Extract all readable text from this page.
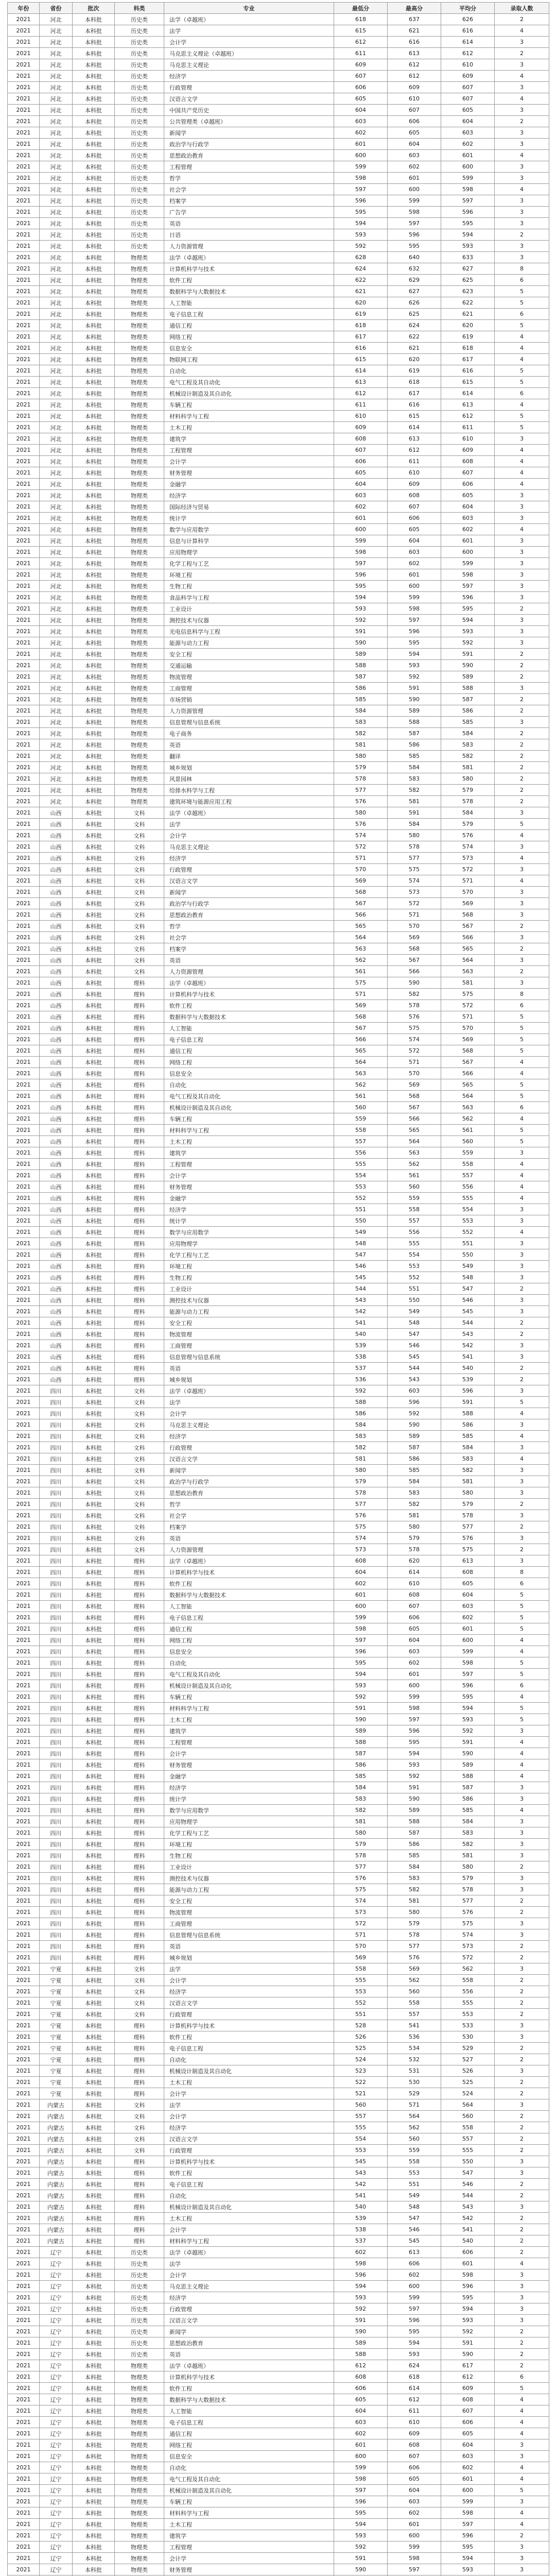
年份	省份	批次	科类	专业	最低分	最高分	平均分	录取人数
2021	河北	本科批	历史类	法学（卓越班）	618	637	626	2
2021	河北	本科批	历史类	法学	615	621	616	4
2021	河北	本科批	历史类	会计学	612	616	614	3
2021	河北	本科批	历史类	马克思主义理论（卓越班）	611	613	612	2
2021	河北	本科批	历史类	马克思主义理论	609	612	610	3
2021	河北	本科批	历史类	经济学	607	612	609	4
2021	河北	本科批	历史类	行政管理	606	609	607	3
2021	河北	本科批	历史类	汉语言文学	605	610	607	4
2021	河北	本科批	历史类	中国共产党历史	604	607	605	3
2021	河北	本科批	历史类	公共管理类（卓越班）	603	606	604	2
2021	河北	本科批	历史类	新闻学	602	605	603	3
2021	河北	本科批	历史类	政治学与行政学	601	604	602	3
2021	河北	本科批	历史类	思想政治教育	600	603	601	4
2021	河北	本科批	历史类	工程管理	599	602	600	3
2021	河北	本科批	历史类	哲学	598	601	599	3
2021	河北	本科批	历史类	社会学	597	600	598	4
2021	河北	本科批	历史类	档案学	596	599	597	3
2021	河北	本科批	历史类	广告学	595	598	596	3
2021	河北	本科批	历史类	英语	594	597	595	3
2021	河北	本科批	历史类	日语	593	596	594	2
2021	河北	本科批	历史类	人力资源管理	592	595	593	3
2021	河北	本科批	物理类	法学（卓越班）	628	640	633	3
2021	河北	本科批	物理类	计算机科学与技术	624	632	627	8
2021	河北	本科批	物理类	软件工程	622	629	625	6
2021	河北	本科批	物理类	数据科学与大数据技术	621	627	623	5
2021	河北	本科批	物理类	人工智能	620	626	622	5
2021	河北	本科批	物理类	电子信息工程	619	625	621	6
2021	河北	本科批	物理类	通信工程	618	624	620	5
2021	河北	本科批	物理类	网络工程	617	622	619	4
2021	河北	本科批	物理类	信息安全	616	621	618	4
2021	河北	本科批	物理类	物联网工程	615	620	617	4
2021	河北	本科批	物理类	自动化	614	619	616	5
2021	河北	本科批	物理类	电气工程及其自动化	613	618	615	5
2021	河北	本科批	物理类	机械设计制造及其自动化	612	617	614	6
2021	河北	本科批	物理类	车辆工程	611	616	613	4
2021	河北	本科批	物理类	材料科学与工程	610	615	612	5
2021	河北	本科批	物理类	土木工程	609	614	611	5
2021	河北	本科批	物理类	建筑学	608	613	610	3
2021	河北	本科批	物理类	工程管理	607	612	609	4
2021	河北	本科批	物理类	会计学	606	611	608	4
2021	河北	本科批	物理类	财务管理	605	610	607	4
2021	河北	本科批	物理类	金融学	604	609	606	4
2021	河北	本科批	物理类	经济学	603	608	605	3
2021	河北	本科批	物理类	国际经济与贸易	602	607	604	3
2021	河北	本科批	物理类	统计学	601	606	603	3
2021	河北	本科批	物理类	数学与应用数学	600	605	602	4
2021	河北	本科批	物理类	信息与计算科学	599	604	601	3
2021	河北	本科批	物理类	应用物理学	598	603	600	3
2021	河北	本科批	物理类	化学工程与工艺	597	602	599	3
2021	河北	本科批	物理类	环境工程	596	601	598	3
2021	河北	本科批	物理类	生物工程	595	600	597	3
2021	河北	本科批	物理类	食品科学与工程	594	599	596	3
2021	河北	本科批	物理类	工业设计	593	598	595	2
2021	河北	本科批	物理类	测控技术与仪器	592	597	594	3
2021	河北	本科批	物理类	光电信息科学与工程	591	596	593	3
2021	河北	本科批	物理类	能源与动力工程	590	595	592	3
2021	河北	本科批	物理类	安全工程	589	594	591	2
2021	河北	本科批	物理类	交通运输	588	593	590	2
2021	河北	本科批	物理类	物流管理	587	592	589	2
2021	河北	本科批	物理类	工商管理	586	591	588	3
2021	河北	本科批	物理类	市场营销	585	590	587	2
2021	河北	本科批	物理类	人力资源管理	584	589	586	2
2021	河北	本科批	物理类	信息管理与信息系统	583	588	585	3
2021	河北	本科批	物理类	电子商务	582	587	584	2
2021	河北	本科批	物理类	英语	581	586	583	2
2021	河北	本科批	物理类	翻译	580	585	582	2
2021	河北	本科批	物理类	城乡规划	579	584	581	2
2021	河北	本科批	物理类	风景园林	578	583	580	2
2021	河北	本科批	物理类	给排水科学与工程	577	582	579	2
2021	河北	本科批	物理类	建筑环境与能源应用工程	576	581	578	2
2021	山西	本科批	文科	法学（卓越班）	580	591	584	3
2021	山西	本科批	文科	法学	576	584	579	5
2021	山西	本科批	文科	会计学	574	580	576	4
2021	山西	本科批	文科	马克思主义理论	572	578	574	3
2021	山西	本科批	文科	经济学	571	577	573	4
2021	山西	本科批	文科	行政管理	570	575	572	3
2021	山西	本科批	文科	汉语言文学	569	574	571	4
2021	山西	本科批	文科	新闻学	568	573	570	3
2021	山西	本科批	文科	政治学与行政学	567	572	569	3
2021	山西	本科批	文科	思想政治教育	566	571	568	3
2021	山西	本科批	文科	哲学	565	570	567	2
2021	山西	本科批	文科	社会学	564	569	566	3
2021	山西	本科批	文科	档案学	563	568	565	2
2021	山西	本科批	文科	英语	562	567	564	3
2021	山西	本科批	文科	人力资源管理	561	566	563	2
2021	山西	本科批	理科	法学（卓越班）	575	590	581	3
2021	山西	本科批	理科	计算机科学与技术	571	582	575	8
2021	山西	本科批	理科	软件工程	569	578	572	6
2021	山西	本科批	理科	数据科学与大数据技术	568	576	571	5
2021	山西	本科批	理科	人工智能	567	575	570	5
2021	山西	本科批	理科	电子信息工程	566	574	569	5
2021	山西	本科批	理科	通信工程	565	572	568	5
2021	山西	本科批	理科	网络工程	564	571	567	4
2021	山西	本科批	理科	信息安全	563	570	566	4
2021	山西	本科批	理科	自动化	562	569	565	5
2021	山西	本科批	理科	电气工程及其自动化	561	568	564	5
2021	山西	本科批	理科	机械设计制造及其自动化	560	567	563	6
2021	山西	本科批	理科	车辆工程	559	566	562	4
2021	山西	本科批	理科	材料科学与工程	558	565	561	5
2021	山西	本科批	理科	土木工程	557	564	560	5
2021	山西	本科批	理科	建筑学	556	563	559	3
2021	山西	本科批	理科	工程管理	555	562	558	4
2021	山西	本科批	理科	会计学	554	561	557	4
2021	山西	本科批	理科	财务管理	553	560	556	4
2021	山西	本科批	理科	金融学	552	559	555	4
2021	山西	本科批	理科	经济学	551	558	554	3
2021	山西	本科批	理科	统计学	550	557	553	3
2021	山西	本科批	理科	数学与应用数学	549	556	552	4
2021	山西	本科批	理科	应用物理学	548	555	551	3
2021	山西	本科批	理科	化学工程与工艺	547	554	550	3
2021	山西	本科批	理科	环境工程	546	553	549	3
2021	山西	本科批	理科	生物工程	545	552	548	3
2021	山西	本科批	理科	工业设计	544	551	547	2
2021	山西	本科批	理科	测控技术与仪器	543	550	546	3
2021	山西	本科批	理科	能源与动力工程	542	549	545	3
2021	山西	本科批	理科	安全工程	541	548	544	2
2021	山西	本科批	理科	物流管理	540	547	543	2
2021	山西	本科批	理科	工商管理	539	546	542	3
2021	山西	本科批	理科	信息管理与信息系统	538	545	541	3
2021	山西	本科批	理科	英语	537	544	540	2
2021	山西	本科批	理科	城乡规划	536	543	539	2
2021	四川	本科批	文科	法学（卓越班）	592	603	596	3
2021	四川	本科批	文科	法学	588	596	591	5
2021	四川	本科批	文科	会计学	586	592	588	4
2021	四川	本科批	文科	马克思主义理论	584	590	586	3
2021	四川	本科批	文科	经济学	583	589	585	4
2021	四川	本科批	文科	行政管理	582	587	584	3
2021	四川	本科批	文科	汉语言文学	581	586	583	4
2021	四川	本科批	文科	新闻学	580	585	582	3
2021	四川	本科批	文科	政治学与行政学	579	584	581	3
2021	四川	本科批	文科	思想政治教育	578	583	580	3
2021	四川	本科批	文科	哲学	577	582	579	2
2021	四川	本科批	文科	社会学	576	581	578	3
2021	四川	本科批	文科	档案学	575	580	577	2
2021	四川	本科批	文科	英语	574	579	576	3
2021	四川	本科批	文科	人力资源管理	573	578	575	2
2021	四川	本科批	理科	法学（卓越班）	608	620	613	3
2021	四川	本科批	理科	计算机科学与技术	604	614	608	8
2021	四川	本科批	理科	软件工程	602	610	605	6
2021	四川	本科批	理科	数据科学与大数据技术	601	608	604	5
2021	四川	本科批	理科	人工智能	600	607	603	5
2021	四川	本科批	理科	电子信息工程	599	606	602	5
2021	四川	本科批	理科	通信工程	598	605	601	5
2021	四川	本科批	理科	网络工程	597	604	600	4
2021	四川	本科批	理科	信息安全	596	603	599	4
2021	四川	本科批	理科	自动化	595	602	598	5
2021	四川	本科批	理科	电气工程及其自动化	594	601	597	5
2021	四川	本科批	理科	机械设计制造及其自动化	593	600	596	6
2021	四川	本科批	理科	车辆工程	592	599	595	4
2021	四川	本科批	理科	材料科学与工程	591	598	594	5
2021	四川	本科批	理科	土木工程	590	597	593	5
2021	四川	本科批	理科	建筑学	589	596	592	3
2021	四川	本科批	理科	工程管理	588	595	591	4
2021	四川	本科批	理科	会计学	587	594	590	4
2021	四川	本科批	理科	财务管理	586	593	589	4
2021	四川	本科批	理科	金融学	585	592	588	4
2021	四川	本科批	理科	经济学	584	591	587	3
2021	四川	本科批	理科	统计学	583	590	586	3
2021	四川	本科批	理科	数学与应用数学	582	589	585	4
2021	四川	本科批	理科	应用物理学	581	588	584	3
2021	四川	本科批	理科	化学工程与工艺	580	587	583	3
2021	四川	本科批	理科	环境工程	579	586	582	3
2021	四川	本科批	理科	生物工程	578	585	581	3
2021	四川	本科批	理科	工业设计	577	584	580	2
2021	四川	本科批	理科	测控技术与仪器	576	583	579	3
2021	四川	本科批	理科	能源与动力工程	575	582	578	3
2021	四川	本科批	理科	安全工程	574	581	577	2
2021	四川	本科批	理科	物流管理	573	580	576	2
2021	四川	本科批	理科	工商管理	572	579	575	3
2021	四川	本科批	理科	信息管理与信息系统	571	578	574	3
2021	四川	本科批	理科	英语	570	577	573	2
2021	四川	本科批	理科	城乡规划	569	576	572	2
2021	宁夏	本科批	文科	法学	558	569	562	3
2021	宁夏	本科批	文科	会计学	555	562	558	2
2021	宁夏	本科批	文科	经济学	553	560	556	2
2021	宁夏	本科批	文科	汉语言文学	552	558	555	2
2021	宁夏	本科批	文科	行政管理	551	557	553	2
2021	宁夏	本科批	理科	计算机科学与技术	528	541	533	3
2021	宁夏	本科批	理科	软件工程	526	536	530	3
2021	宁夏	本科批	理科	电子信息工程	525	534	529	2
2021	宁夏	本科批	理科	自动化	524	532	527	2
2021	宁夏	本科批	理科	机械设计制造及其自动化	523	531	526	3
2021	宁夏	本科批	理科	土木工程	522	530	525	2
2021	宁夏	本科批	理科	会计学	521	529	524	2
2021	内蒙古	本科批	文科	法学	560	571	564	3
2021	内蒙古	本科批	文科	会计学	557	564	560	2
2021	内蒙古	本科批	文科	经济学	555	562	558	2
2021	内蒙古	本科批	文科	汉语言文学	554	560	557	2
2021	内蒙古	本科批	文科	行政管理	553	559	555	2
2021	内蒙古	本科批	理科	计算机科学与技术	545	558	550	3
2021	内蒙古	本科批	理科	软件工程	543	553	547	3
2021	内蒙古	本科批	理科	电子信息工程	542	551	546	2
2021	内蒙古	本科批	理科	自动化	541	549	544	2
2021	内蒙古	本科批	理科	机械设计制造及其自动化	540	548	543	3
2021	内蒙古	本科批	理科	土木工程	539	547	542	2
2021	内蒙古	本科批	理科	会计学	538	546	541	2
2021	内蒙古	本科批	理科	材料科学与工程	537	545	540	2
2021	辽宁	本科批	历史类	法学（卓越班）	602	613	606	2
2021	辽宁	本科批	历史类	法学	598	606	601	4
2021	辽宁	本科批	历史类	会计学	596	602	598	3
2021	辽宁	本科批	历史类	马克思主义理论	594	600	596	3
2021	辽宁	本科批	历史类	经济学	593	599	595	3
2021	辽宁	本科批	历史类	行政管理	592	597	594	3
2021	辽宁	本科批	历史类	汉语言文学	591	596	593	3
2021	辽宁	本科批	历史类	新闻学	590	595	592	2
2021	辽宁	本科批	历史类	思想政治教育	589	594	591	2
2021	辽宁	本科批	历史类	英语	588	593	590	2
2021	辽宁	本科批	物理类	法学（卓越班）	612	624	617	2
2021	辽宁	本科批	物理类	计算机科学与技术	608	618	612	6
2021	辽宁	本科批	物理类	软件工程	606	614	609	5
2021	辽宁	本科批	物理类	数据科学与大数据技术	605	612	608	4
2021	辽宁	本科批	物理类	人工智能	604	611	607	4
2021	辽宁	本科批	物理类	电子信息工程	603	610	606	4
2021	辽宁	本科批	物理类	通信工程	602	609	605	4
2021	辽宁	本科批	物理类	网络工程	601	608	604	3
2021	辽宁	本科批	物理类	信息安全	600	607	603	3
2021	辽宁	本科批	物理类	自动化	599	606	602	4
2021	辽宁	本科批	物理类	电气工程及其自动化	598	605	601	4
2021	辽宁	本科批	物理类	机械设计制造及其自动化	597	604	600	5
2021	辽宁	本科批	物理类	车辆工程	596	603	599	3
2021	辽宁	本科批	物理类	材料科学与工程	595	602	598	4
2021	辽宁	本科批	物理类	土木工程	594	601	597	4
2021	辽宁	本科批	物理类	建筑学	593	600	596	2
2021	辽宁	本科批	物理类	工程管理	592	599	595	3
2021	辽宁	本科批	物理类	会计学	591	598	594	3
2021	辽宁	本科批	物理类	财务管理	590	597	593	3
